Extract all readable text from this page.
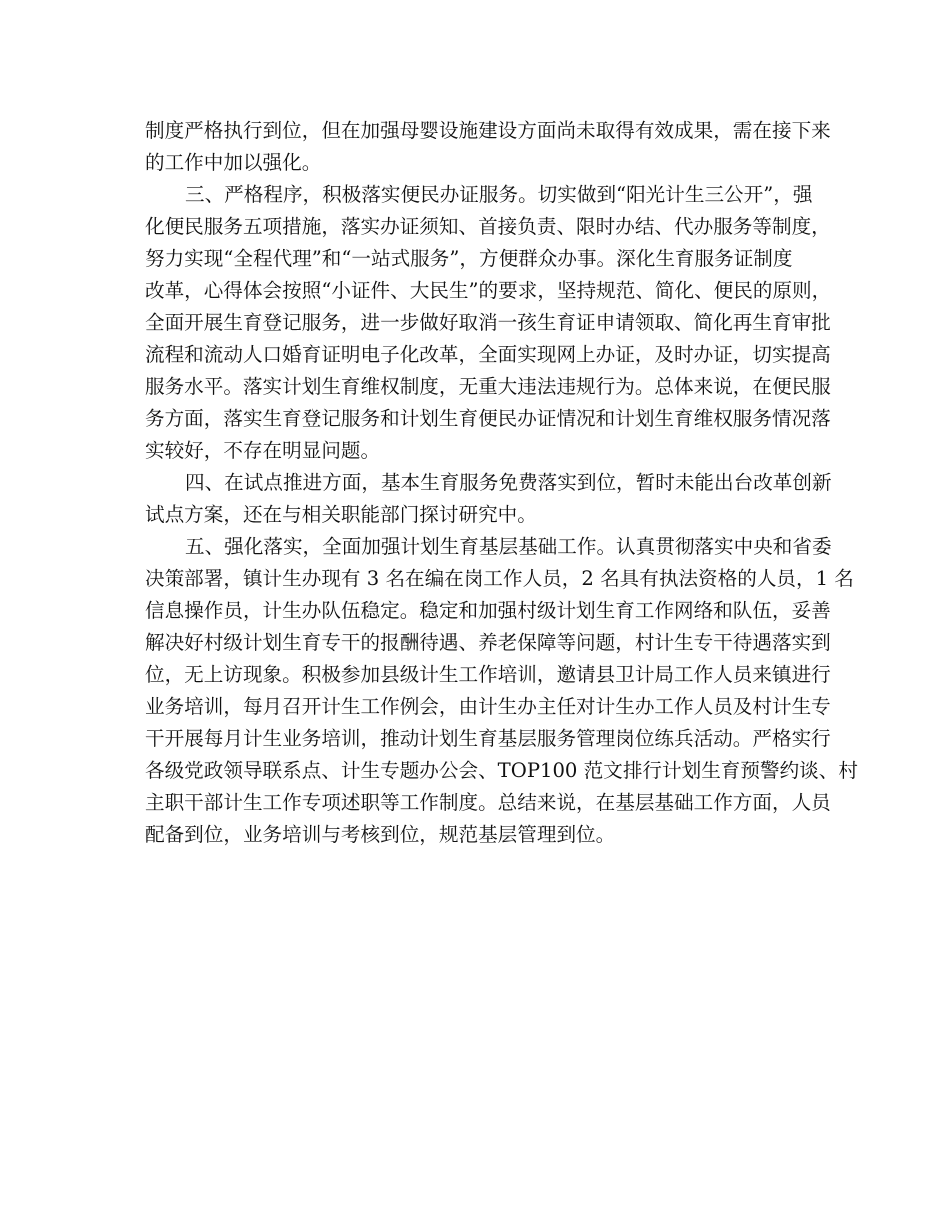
制度严格执行到位，但在加强母婴设施建设方面尚未取得有效成果，需在接下来
的工作中加以强化。

三、严格程序，积极落实便民办证服务。切实做到“阳光计生三公开”，强
化便民服务五项措施，落实办证须知、首接负责、限时办结、代办服务等制度，
努力实现“全程代理”和“一站式服务”，方便群众办事。深化生育服务证制度
改革，心得体会按照“小证件、大民生”的要求，坚持规范、简化、便民的原则，
全面开展生育登记服务，进一步做好取消一孩生育证申请领取、简化再生育审批
流程和流动人口婚育证明电子化改革，全面实现网上办证，及时办证，切实提高
服务水平。落实计划生育维权制度，无重大违法违规行为。总体来说，在便民服
务方面，落实生育登记服务和计划生育便民办证情况和计划生育维权服务情况落
实较好，不存在明显问题。

四、在试点推进方面，基本生育服务免费落实到位，暂时未能出台改革创新
试点方案，还在与相关职能部门探讨研究中。

五、强化落实，全面加强计划生育基层基础工作。认真贯彻落实中央和省委
决策部署，镇计生办现有 3 名在编在岗工作人员，2 名具有执法资格的人员，1 名
信息操作员，计生办队伍稳定。稳定和加强村级计划生育工作网络和队伍，妥善
解决好村级计划生育专干的报酬待遇、养老保障等问题，村计生专干待遇落实到
位，无上访现象。积极参加县级计生工作培训，邀请县卫计局工作人员来镇进行
业务培训，每月召开计生工作例会，由计生办主任对计生办工作人员及村计生专
干开展每月计生业务培训，推动计划生育基层服务管理岗位练兵活动。严格实行
各级党政领导联系点、计生专题办公会、TOP100 范文排行计划生育预警约谈、村
主职干部计生工作专项述职等工作制度。总结来说，在基层基础工作方面，人员
配备到位，业务培训与考核到位，规范基层管理到位。
